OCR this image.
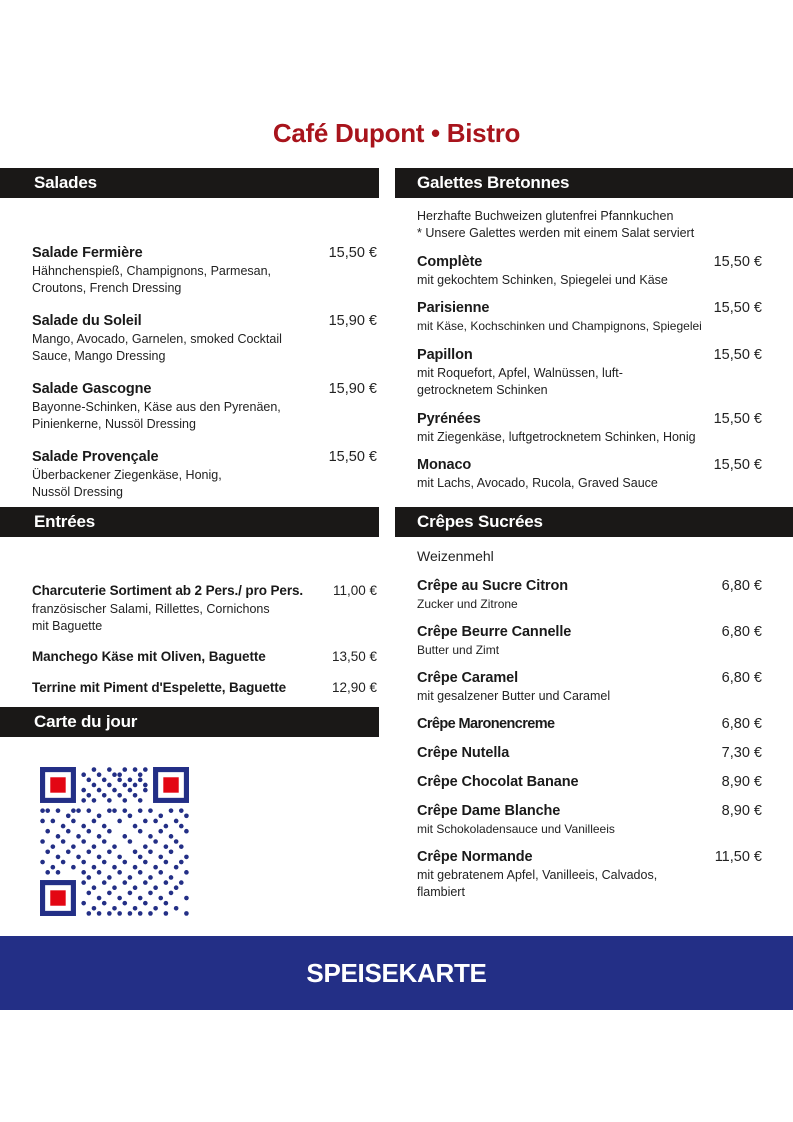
Café Dupont • Bistro
Salades
Salade Fermière	15,50 €
Hähnchenspieß, Champignons, Parmesan,
Croutons, French Dressing
Salade du Soleil	15,90 €
Mango, Avocado, Garnelen, smoked Cocktail
Sauce, Mango Dressing
Salade Gascogne	15,90 €
Bayonne-Schinken, Käse aus den Pyrenäen,
Pinienkerne, Nussöl Dressing
Salade Provençale	15,50 €
Überbackener Ziegenkäse, Honig,
Nussöl Dressing
Entrées
Charcuterie Sortiment ab 2 Pers./ pro Pers.	11,00 €
französischer Salami, Rillettes, Cornichons
mit Baguette
Manchego Käse mit Oliven, Baguette	13,50 €
Terrine mit Piment d'Espelette, Baguette	12,90 €
Carte du jour
Galettes Bretonnes
Herzhafte Buchweizen glutenfrei Pfannkuchen
* Unsere Galettes werden mit einem Salat serviert
Complète	15,50 €
mit gekochtem Schinken, Spiegelei und Käse
Parisienne	15,50 €
mit Käse, Kochschinken und Champignons, Spiegelei
Papillon	15,50 €
mit Roquefort, Apfel, Walnüssen, luft-
getrocknetem Schinken
Pyrénées	15,50 €
mit Ziegenkäse, luftgetrocknetem Schinken, Honig
Monaco	15,50 €
mit Lachs, Avocado, Rucola, Graved Sauce
Crêpes Sucrées
Weizenmehl
Crêpe au Sucre Citron	6,80 €
Zucker und Zitrone
Crêpe Beurre Cannelle	6,80 €
Butter und Zimt
Crêpe Caramel	6,80 €
mit gesalzener Butter und Caramel
Crêpe Maronencreme	6,80 €
Crêpe Nutella	7,30 €
Crêpe Chocolat Banane	8,90 €
Crêpe Dame Blanche	8,90 €
mit Schokoladensauce und Vanilleeis
Crêpe Normande	11,50 €
mit gebratenem Apfel, Vanilleeis, Calvados,
flambiert
SPEISEKARTE
